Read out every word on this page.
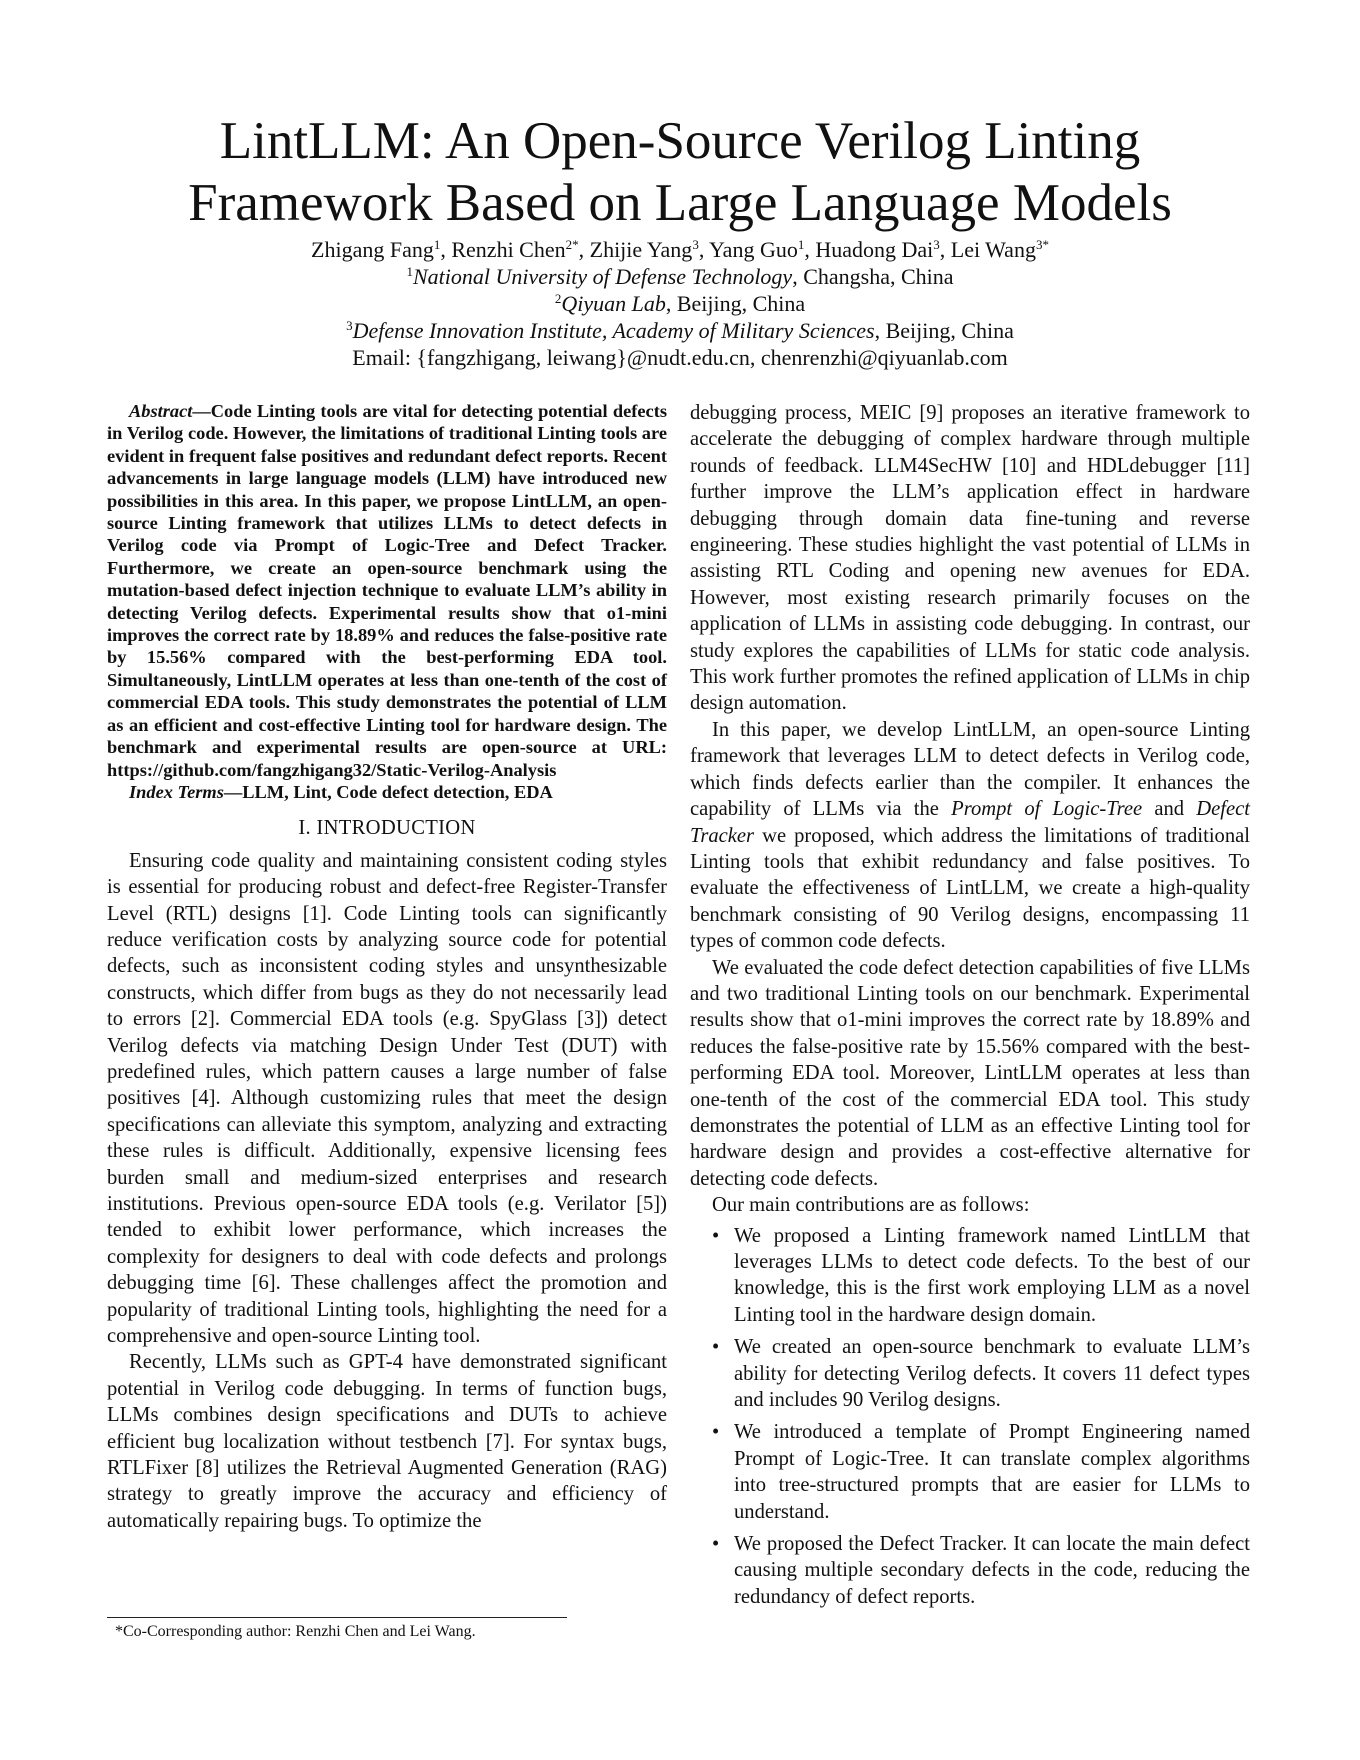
LintLLM: An Open-Source Verilog Linting Framework Based on Large Language Models
Zhigang Fang$^1$, Renzhi Chen$^{2*}$, Zhijie Yang$^3$, Yang Guo$^1$, Huadong Dai$^3$, Lei Wang$^{3*}$
$^1$National University of Defense Technology, Changsha, China
$^2$Qiyuan Lab, Beijing, China
$^3$Defense Innovation Institute, Academy of Military Sciences, Beijing, China
Email: {fangzhigang, leiwang}@nudt.edu.cn, chenrenzhi@qiyuanlab.com

Abstract—Code Linting tools are vital for detecting potential defects in Verilog code. However, the limitations of traditional Linting tools are evident in frequent false positives and redundant defect reports. Recent advancements in large language models (LLM) have introduced new possibilities in this area. In this paper, we propose LintLLM, an open-source Linting framework that utilizes LLMs to detect defects in Verilog code via Prompt of Logic-Tree and Defect Tracker. Furthermore, we create an open-source benchmark using the mutation-based defect injection technique to evaluate LLM’s ability in detecting Verilog defects. Experimental results show that o1-mini improves the correct rate by 18.89% and reduces the false-positive rate by 15.56% compared with the best-performing EDA tool. Simultaneously, LintLLM operates at less than one-tenth of the cost of commercial EDA tools. This study demonstrates the potential of LLM as an efficient and cost-effective Linting tool for hardware design. The benchmark and experimental results are open-source at URL: https://github.com/fangzhigang32/Static-Verilog-Analysis

Index Terms—LLM, Lint, Code defect detection, EDA

I. INTRODUCTION

Ensuring code quality and maintaining consistent coding styles is essential for producing robust and defect-free Register-Transfer Level (RTL) designs [1]. Code Linting tools can significantly reduce verification costs by analyzing source code for potential defects, such as inconsistent coding styles and unsynthesizable constructs, which differ from bugs as they do not necessarily lead to errors [2]. Commercial EDA tools (e.g. SpyGlass [3]) detect Verilog defects via matching Design Under Test (DUT) with predefined rules, which pattern causes a large number of false positives [4]. Although customizing rules that meet the design specifications can alleviate this symptom, analyzing and extracting these rules is difficult. Additionally, expensive licensing fees burden small and medium-sized enterprises and research institutions. Previous open-source EDA tools (e.g. Verilator [5]) tended to exhibit lower performance, which increases the complexity for designers to deal with code defects and prolongs debugging time [6]. These challenges affect the promotion and popularity of traditional Linting tools, highlighting the need for a comprehensive and open-source Linting tool.

Recently, LLMs such as GPT-4 have demonstrated significant potential in Verilog code debugging. In terms of function bugs, LLMs combines design specifications and DUTs to achieve efficient bug localization without testbench [7]. For syntax bugs, RTLFixer [8] utilizes the Retrieval Augmented Generation (RAG) strategy to greatly improve the accuracy and efficiency of automatically repairing bugs. To optimize the

debugging process, MEIC [9] proposes an iterative framework to accelerate the debugging of complex hardware through multiple rounds of feedback. LLM4SecHW [10] and HDLdebugger [11] further improve the LLM’s application effect in hardware debugging through domain data fine-tuning and reverse engineering. These studies highlight the vast potential of LLMs in assisting RTL Coding and opening new avenues for EDA. However, most existing research primarily focuses on the application of LLMs in assisting code debugging. In contrast, our study explores the capabilities of LLMs for static code analysis. This work further promotes the refined application of LLMs in chip design automation.

In this paper, we develop LintLLM, an open-source Linting framework that leverages LLM to detect defects in Verilog code, which finds defects earlier than the compiler. It enhances the capability of LLMs via the Prompt of Logic-Tree and Defect Tracker we proposed, which address the limitations of traditional Linting tools that exhibit redundancy and false positives. To evaluate the effectiveness of LintLLM, we create a high-quality benchmark consisting of 90 Verilog designs, encompassing 11 types of common code defects.

We evaluated the code defect detection capabilities of five LLMs and two traditional Linting tools on our benchmark. Experimental results show that o1-mini improves the correct rate by 18.89% and reduces the false-positive rate by 15.56% compared with the best-performing EDA tool. Moreover, LintLLM operates at less than one-tenth of the cost of the commercial EDA tool. This study demonstrates the potential of LLM as an effective Linting tool for hardware design and provides a cost-effective alternative for detecting code defects.

Our main contributions are as follows:

• We proposed a Linting framework named LintLLM that leverages LLMs to detect code defects. To the best of our knowledge, this is the first work employing LLM as a novel Linting tool in the hardware design domain.
• We created an open-source benchmark to evaluate LLM’s ability for detecting Verilog defects. It covers 11 defect types and includes 90 Verilog designs.
• We introduced a template of Prompt Engineering named Prompt of Logic-Tree. It can translate complex algorithms into tree-structured prompts that are easier for LLMs to understand.
• We proposed the Defect Tracker. It can locate the main defect causing multiple secondary defects in the code, reducing the redundancy of defect reports.
*Co-Corresponding author: Renzhi Chen and Lei Wang.
